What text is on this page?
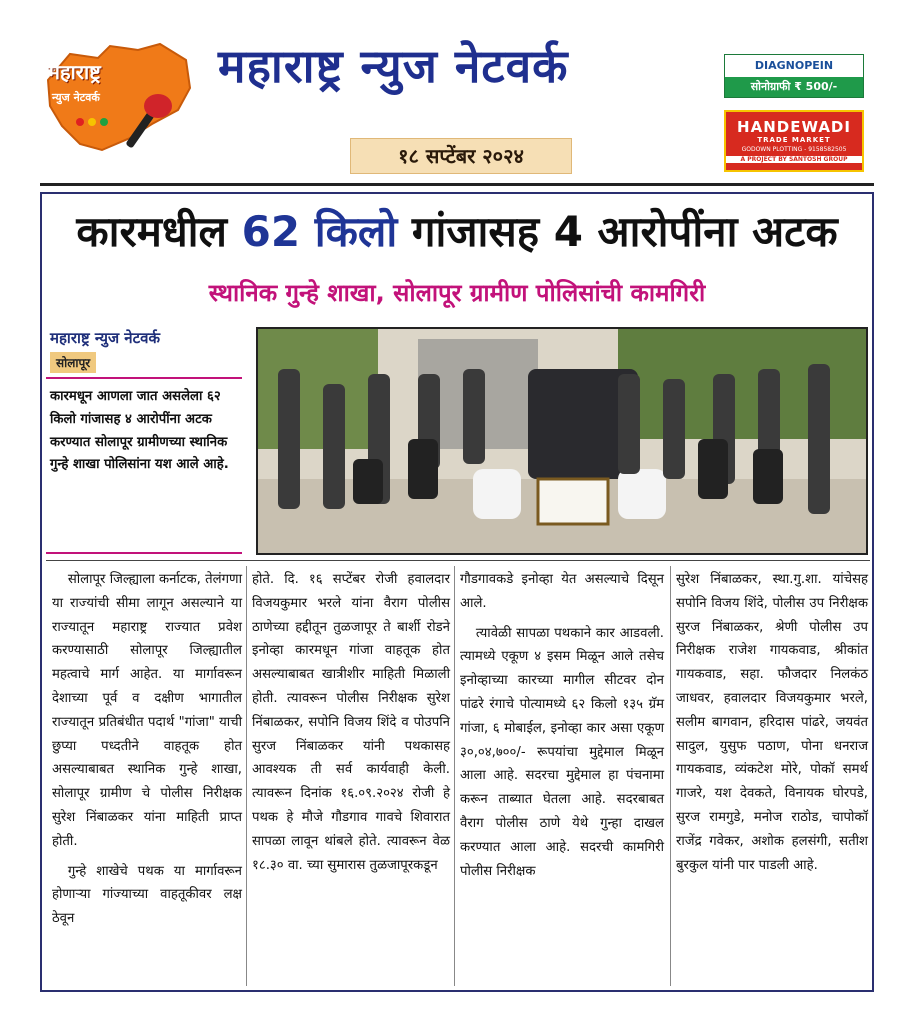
महाराष्ट्र
न्युज नेटवर्क
महाराष्ट्र न्युज नेटवर्क
१८ सप्टेंबर २०२४
DIAGNOPEIN
सोनोग्राफी ₹ 500/-
HANDEWADI
TRADE MARKET
GODOWN PLOTTING - 9158582505
A PROJECT BY SANTOSH GROUP
कारमधील 62 किलो गांजासह 4 आरोपींना अटक
स्थानिक गुन्हे शाखा, सोलापूर ग्रामीण पोलिसांची कामगिरी
महाराष्ट्र न्युज नेटवर्क
सोलापूर
कारमधून आणला जात असलेला ६२ किलो गांजासह ४ आरोपींना अटक करण्यात सोलापूर ग्रामीणच्या स्थानिक गुन्हे शाखा पोलिसांना यश आले आहे.

सोलापूर जिल्ह्याला कर्नाटक, तेलंगणा या राज्यांची सीमा लागून असल्याने या राज्यातून महाराष्ट्र राज्यात प्रवेश करण्यासाठी सोलापूर जिल्ह्यातील महत्वाचे मार्ग आहेत. या मार्गावरून देशाच्या पूर्व व दक्षीण भागातील राज्यातून प्रतिबंधीत पदार्थ "गांजा" याची छुप्या पध्दतीने वाहतूक होत असल्याबाबत स्थानिक गुन्हे शाखा, सोलापूर ग्रामीण चे पोलीस निरीक्षक सुरेश निंबाळकर यांना माहिती प्राप्त होती.

गुन्हे शाखेचे पथक या मार्गावरून होणाऱ्या गांज्याच्या वाहतूकीवर लक्ष ठेवून

होते. दि. १६ सप्टेंबर रोजी हवालदार विजयकुमार भरले यांना वैराग पोलीस ठाणेच्या हद्दीतून तुळजापूर ते बार्शी रोडने इनोव्हा कारमधून गांजा वाहतूक होत असल्याबाबत खात्रीशीर माहिती मिळाली होती. त्यावरून पोलीस निरीक्षक सुरेश निंबाळकर, सपोनि विजय शिंदे व पोउपनि सुरज निंबाळकर यांनी पथकासह आवश्यक ती सर्व कार्यवाही केली. त्यावरून दिनांक १६.०९.२०२४ रोजी हे पथक हे मौजे गौडगाव गावचे शिवारात सापळा लावून थांबले होते. त्यावरून वेळ १८.३० वा. च्या सुमारास तुळजापूरकडून

गौडगावकडे इनोव्हा येत असल्याचे दिसून आले.

त्यावेळी सापळा पथकाने कार आडवली. त्यामध्ये एकूण ४ इसम मिळून आले तसेच इनोव्हाच्या कारच्या मागील सीटवर दोन पांढरे रंगाचे पोत्यामध्ये ६२ किलो १३५ ग्रॅम गांजा, ६ मोबाईल, इनोव्हा कार असा एकूण ३०,०४,७००/- रूपयांचा मुद्देमाल मिळून आला आहे. सदरचा मुद्देमाल हा पंचनामा करून ताब्यात घेतला आहे. सदरबाबत वैराग पोलीस ठाणे येथे गुन्हा दाखल करण्यात आला आहे. सदरची कामगिरी पोलीस निरीक्षक

सुरेश निंबाळकर, स्था.गु.शा. यांचेसह सपोनि विजय शिंदे, पोलीस उप निरीक्षक सुरज निंबाळकर, श्रेणी पोलीस उप निरीक्षक राजेश गायकवाड, श्रीकांत गायकवाड, सहा. फौजदार निलकंठ जाधवर, हवालदार विजयकुमार भरले, सलीम बागवान, हरिदास पांढरे, जयवंत सादुल, युसुफ पठाण, पोना धनराज गायकवाड, व्यंकटेश मोरे, पोकॉ समर्थ गाजरे, यश देवकते, विनायक घोरपडे, सुरज रामगुडे, मनोज राठोड, चापोकॉ राजेंद्र गवेकर, अशोक हलसंगी, सतीश बुरकुल यांनी पार पाडली आहे.
